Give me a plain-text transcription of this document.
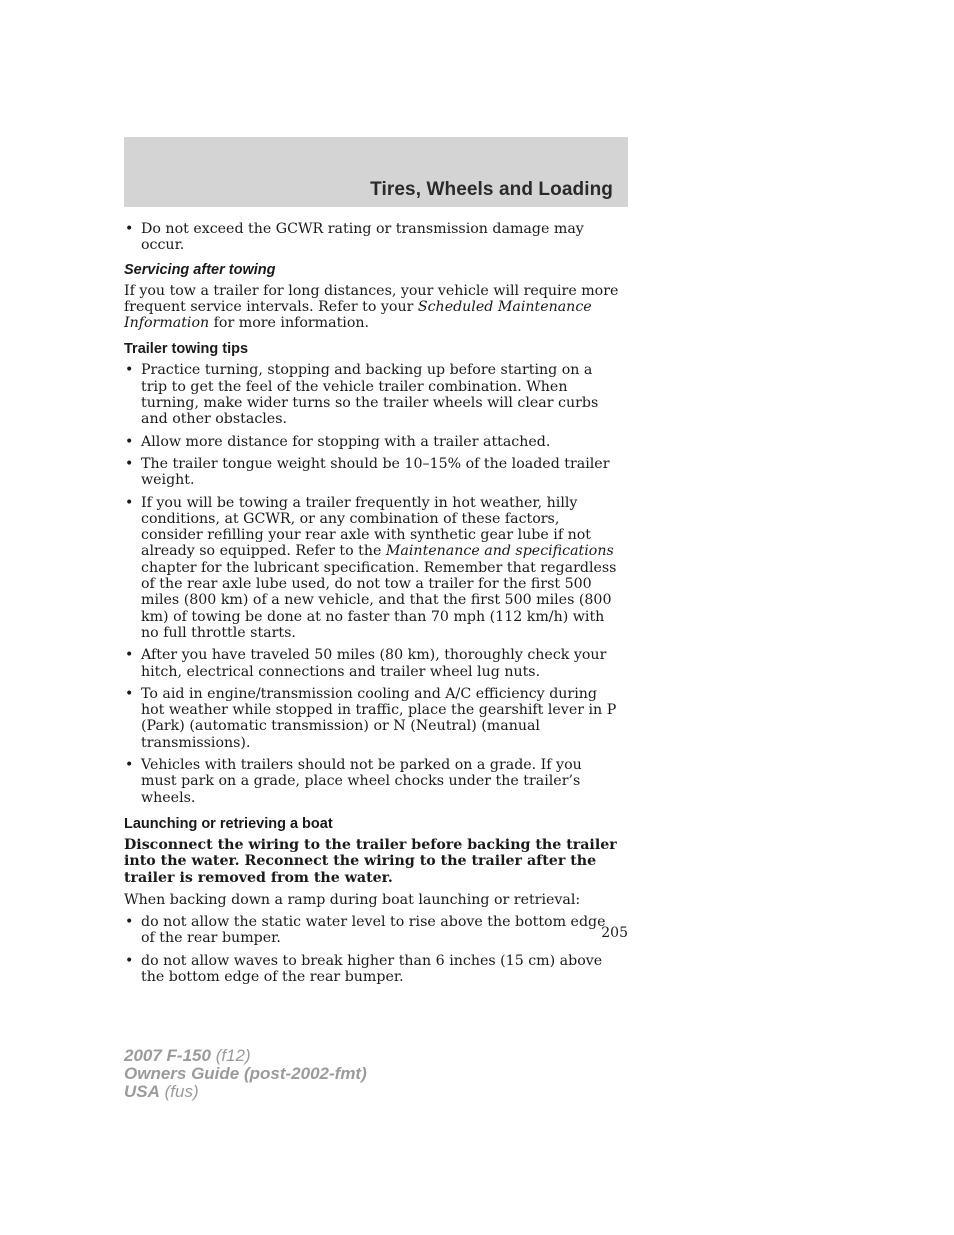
Tires, Wheels and Loading
• Do not exceed the GCWR rating or transmission damage may occur.
Servicing after towing
If you tow a trailer for long distances, your vehicle will require more frequent service intervals. Refer to your Scheduled Maintenance Information for more information.
Trailer towing tips
• Practice turning, stopping and backing up before starting on a trip to get the feel of the vehicle trailer combination. When turning, make wider turns so the trailer wheels will clear curbs and other obstacles.
• Allow more distance for stopping with a trailer attached.
• The trailer tongue weight should be 10–15% of the loaded trailer weight.
• If you will be towing a trailer frequently in hot weather, hilly conditions, at GCWR, or any combination of these factors, consider refilling your rear axle with synthetic gear lube if not already so equipped. Refer to the Maintenance and specifications chapter for the lubricant specification. Remember that regardless of the rear axle lube used, do not tow a trailer for the first 500 miles (800 km) of a new vehicle, and that the first 500 miles (800 km) of towing be done at no faster than 70 mph (112 km/h) with no full throttle starts.
• After you have traveled 50 miles (80 km), thoroughly check your hitch, electrical connections and trailer wheel lug nuts.
• To aid in engine/transmission cooling and A/C efficiency during hot weather while stopped in traffic, place the gearshift lever in P (Park) (automatic transmission) or N (Neutral) (manual transmissions).
• Vehicles with trailers should not be parked on a grade. If you must park on a grade, place wheel chocks under the trailer’s wheels.
Launching or retrieving a boat
Disconnect the wiring to the trailer before backing the trailer into the water. Reconnect the wiring to the trailer after the trailer is removed from the water.
When backing down a ramp during boat launching or retrieval:
• do not allow the static water level to rise above the bottom edge of the rear bumper.
• do not allow waves to break higher than 6 inches (15 cm) above the bottom edge of the rear bumper.
205
2007 F-150 (f12)
Owners Guide (post-2002-fmt)
USA (fus)
